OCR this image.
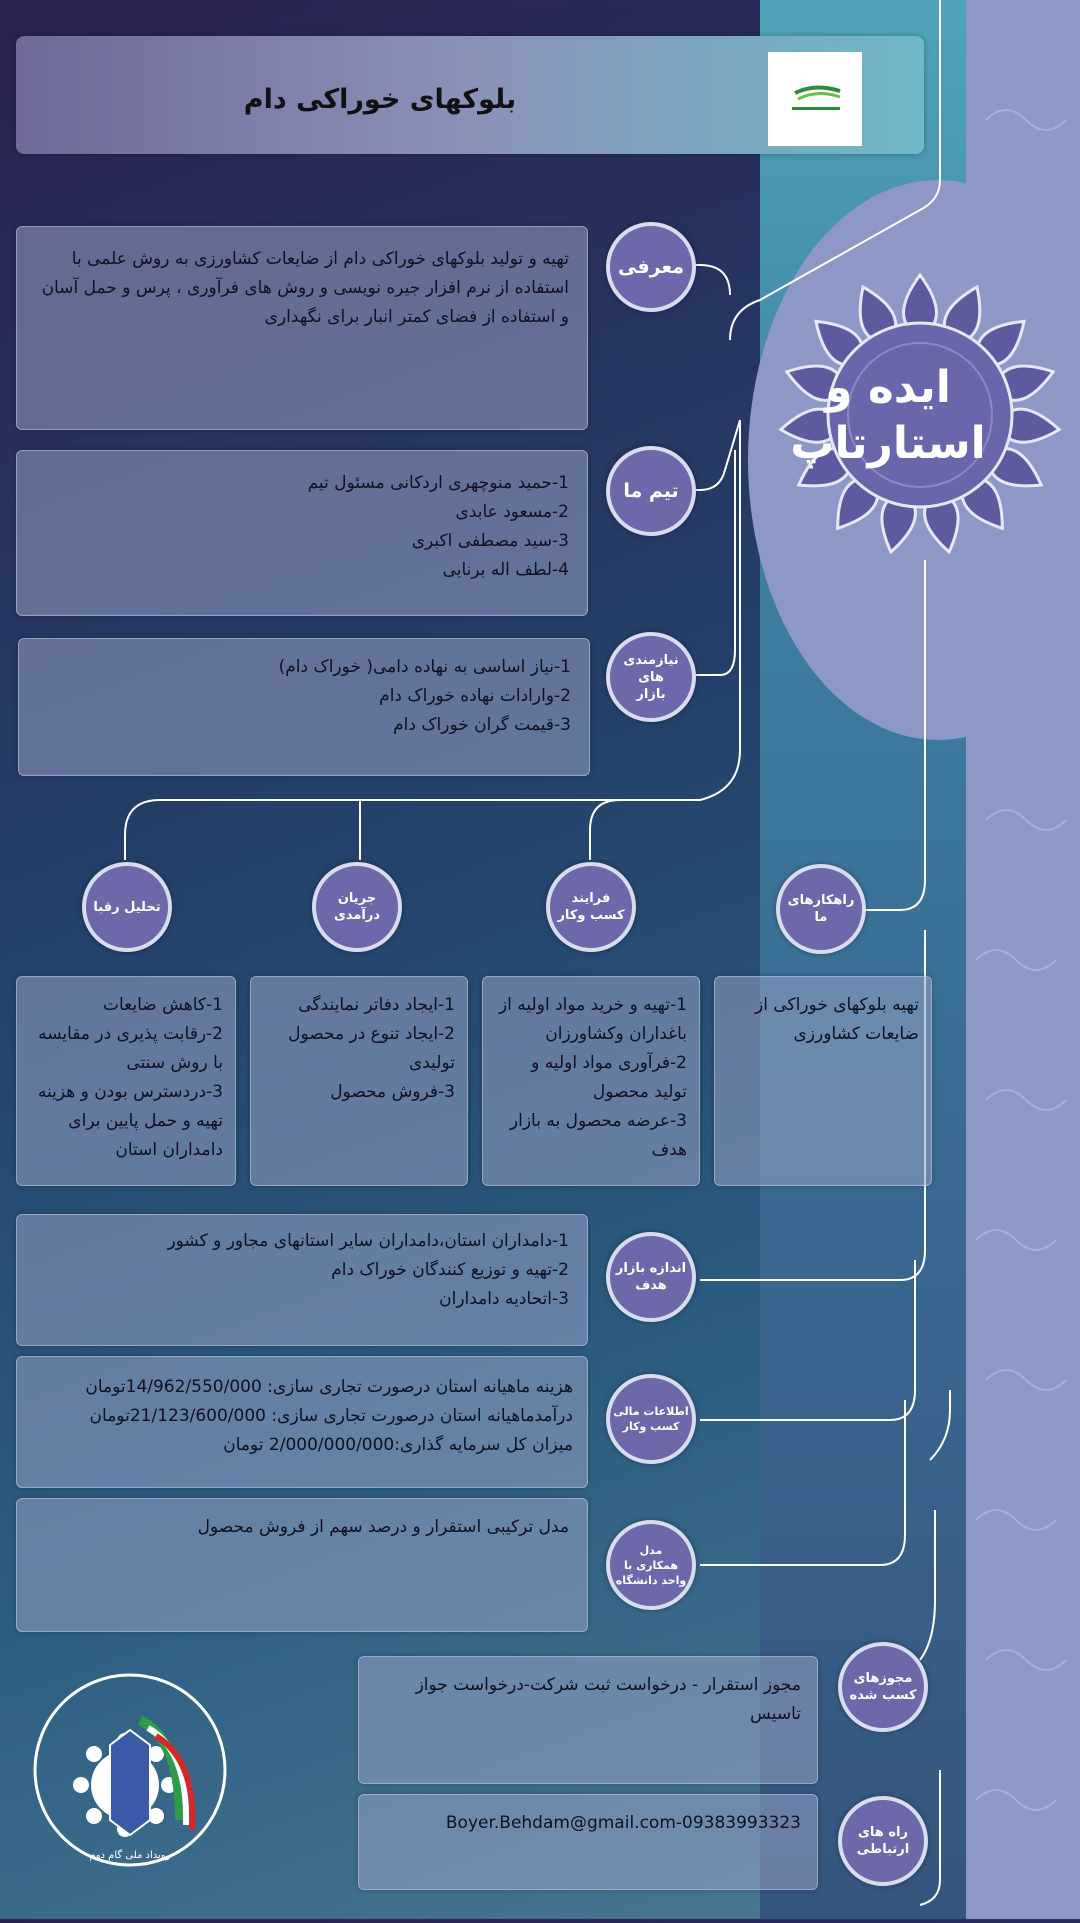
ایده و
استارتاپ
بلوکهای خوراکی دام
تهیه و تولید بلوکهای خوراکی دام از ضایعات کشاورزی به روش علمی با استفاده از نرم افزار جیره نویسی و روش های فرآوری ، پرس و حمل آسان و استفاده از فضای کمتر انبار برای نگهداری
معرفی
1-حمید منوچهری اردکانی مسئول تیم
2-مسعود عابدی
3-سید مصطفی اکبری
4-لطف اله برنایی
تیم ما
1-نیاز اساسی به نهاده دامی( خوراک دام)
2-وارادات نهاده خوراک دام
3-قیمت گران خوراک دام
نیازمندی های
بازار
راهکارهای
ما
فرایند
کسب وکار
جریان
درآمدی
تحلیل رقبا
تهیه بلوکهای خوراکی از ضایعات کشاورزی
1-تهیه و خرید مواد اولیه از باغداران وکشاورزان
2-فرآوری مواد اولیه و تولید محصول
3-عرضه محصول به بازار هدف
1-ایجاد دفاتر نمایندگی
2-ایجاد تنوع در محصول تولیدی
3-فروش محصول
1-کاهش ضایعات
2-رقابت پذیری در مقایسه با روش سنتی
3-دردسترس بودن و هزینه تهیه و حمل پایین برای دامداران استان
1-دامداران استان،دامداران سایر استانهای مجاور و کشور
2-تهیه و توزیع کنندگان خوراک دام
3-اتحادیه دامداران
اندازه بازار
هدف
هزینه ماهیانه استان درصورت تجاری سازی: 14/962/550/000تومان
درآمدماهیانه استان درصورت تجاری سازی: 21/123/600/000تومان
میزان کل سرمایه گذاری:2/000/000/000 تومان
اطلاعات مالی
کسب وکار
مدل ترکیبی استقرار و درصد سهم از فروش محصول
مدل
همکاری با
واحد دانشگاه
مجوز استقرار - درخواست ثبت شرکت-درخواست جواز تاسیس
مجوزهای
کسب شده
Boyer.Behdam@gmail.com-09383993323	راه های
ارتباطی
رویداد ملی گام دوم
